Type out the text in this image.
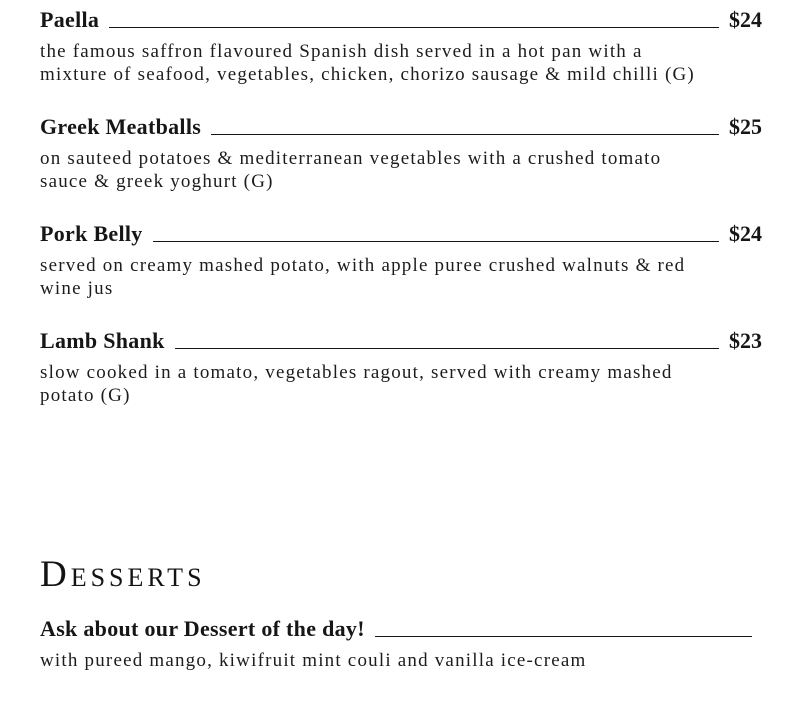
Paella	$24
the famous saffron flavoured Spanish dish served in a hot pan with a
mixture of seafood, vegetables, chicken, chorizo sausage & mild chilli (G)
Greek Meatballs	$25
on sauteed potatoes & mediterranean vegetables with a crushed tomato
sauce & greek yoghurt (G)
Pork Belly	$24
served on creamy mashed potato, with apple puree crushed walnuts & red
wine jus
Lamb Shank	$23
slow cooked in a tomato, vegetables ragout, served with creamy mashed
potato (G)
Desserts
Ask about our Dessert of the day!
with pureed mango, kiwifruit mint couli and vanilla ice-cream
